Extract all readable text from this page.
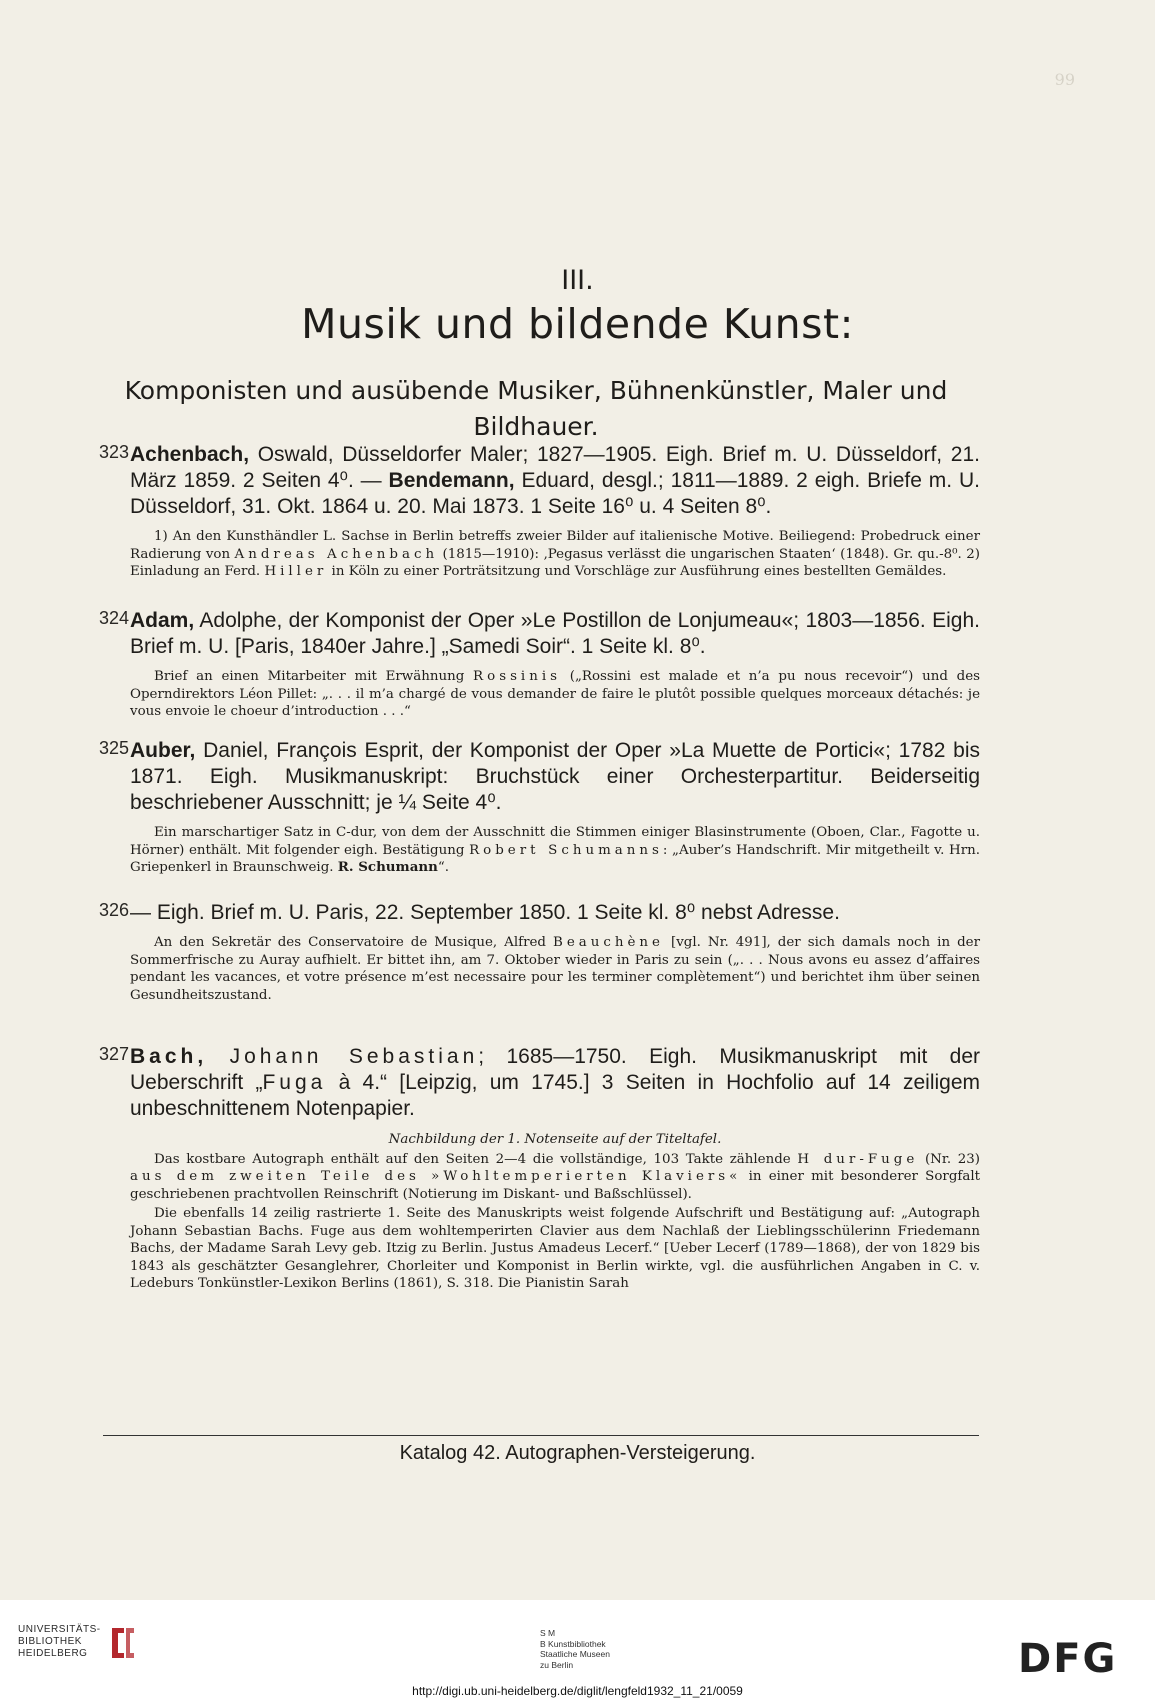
99
III.
Musik und bildende Kunst:
Komponisten und ausübende Musiker, Bühnenkünstler, Maler und Bildhauer.
323 Achenbach, Oswald, Düsseldorfer Maler; 1827—1905. Eigh. Brief m. U. Düsseldorf, 21. März 1859. 2 Seiten 4⁰. — Bendemann, Eduard, desgl.; 1811—1889. 2 eigh. Briefe m. U. Düsseldorf, 31. Okt. 1864 u. 20. Mai 1873. 1 Seite 16⁰ u. 4 Seiten 8⁰.

1) An den Kunsthändler L. Sachse in Berlin betreffs zweier Bilder auf italienische Motive. Beiliegend: Probedruck einer Radierung von Andreas Achenbach (1815—1910): ‚Pegasus verlässt die ungarischen Staaten‘ (1848). Gr. qu.-8⁰. 2) Einladung an Ferd. Hiller in Köln zu einer Porträtsitzung und Vorschläge zur Ausführung eines bestellten Gemäldes.

324 Adam, Adolphe, der Komponist der Oper »Le Postillon de Lonjumeau«; 1803—1856. Eigh. Brief m. U. [Paris, 1840er Jahre.] „Samedi Soir“. 1 Seite kl. 8⁰.

Brief an einen Mitarbeiter mit Erwähnung Rossinis („Rossini est malade et n’a pu nous recevoir“) und des Operndirektors Léon Pillet: „. . . il m’a chargé de vous demander de faire le plutôt possible quelques morceaux détachés: je vous envoie le choeur d’introduction . . .“

325 Auber, Daniel, François Esprit, der Komponist der Oper »La Muette de Portici«; 1782 bis 1871. Eigh. Musikmanuskript: Bruchstück einer Orchesterpartitur. Beiderseitig beschriebener Ausschnitt; je ¼ Seite 4⁰.

Ein marschartiger Satz in C-dur, von dem der Ausschnitt die Stimmen einiger Blasinstrumente (Oboen, Clar., Fagotte u. Hörner) enthält. Mit folgender eigh. Bestätigung Robert Schumanns: „Auber’s Handschrift. Mir mitgetheilt v. Hrn. Griepenkerl in Braunschweig. R. Schumann“.

326 — Eigh. Brief m. U. Paris, 22. September 1850. 1 Seite kl. 8⁰ nebst Adresse.

An den Sekretär des Conservatoire de Musique, Alfred Beauchène [vgl. Nr. 491], der sich damals noch in der Sommerfrische zu Auray aufhielt. Er bittet ihn, am 7. Oktober wieder in Paris zu sein („. . . Nous avons eu assez d’affaires pendant les vacances, et votre présence m’est necessaire pour les terminer complètement“) und berichtet ihm über seinen Gesundheitszustand.

327 Bach, Johann Sebastian; 1685—1750. Eigh. Musikmanuskript mit der Ueberschrift „Fuga à 4.“ [Leipzig, um 1745.] 3 Seiten in Hochfolio auf 14 zeiligem unbeschnittenem Notenpapier.

Nachbildung der 1. Notenseite auf der Titeltafel.

Das kostbare Autograph enthält auf den Seiten 2—4 die vollständige, 103 Takte zählende H dur-Fuge (Nr. 23) aus dem zweiten Teile des »Wohltemperierten Klaviers« in einer mit besonderer Sorgfalt geschriebenen prachtvollen Reinschrift (Notierung im Diskant- und Baßschlüssel).

Die ebenfalls 14 zeilig rastrierte 1. Seite des Manuskripts weist folgende Aufschrift und Bestätigung auf: „Autograph Johann Sebastian Bachs. Fuge aus dem wohltemperirten Clavier aus dem Nachlaß der Lieblingsschülerinn Friedemann Bachs, der Madame Sarah Levy geb. Itzig zu Berlin. Justus Amadeus Lecerf.“ [Ueber Lecerf (1789—1868), der von 1829 bis 1843 als geschätzter Gesanglehrer, Chorleiter und Komponist in Berlin wirkte, vgl. die ausführlichen Angaben in C. v. Ledeburs Tonkünstler-Lexikon Berlins (1861), S. 318. Die Pianistin Sarah

Katalog 42. Autographen-Versteigerung.
UNIVERSITÄTS-
BIBLIOTHEK
HEIDELBERG
S M
B Kunstbibliothek
Staatliche Museen
zu Berlin	DFG
http://digi.ub.uni-heidelberg.de/diglit/lengfeld1932_11_21/0059
